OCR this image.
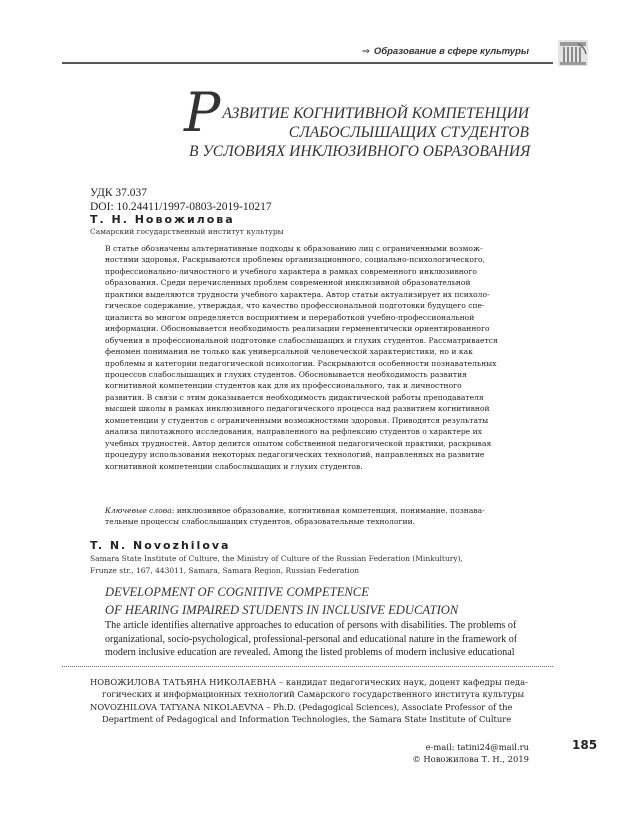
⇒ Образование в сфере культуры
Р АЗВИТИЕ КОГНИТИВНОЙ КОМПЕТЕНЦИИ
СЛАБОСЛЫШАЩИХ СТУДЕНТОВ
В УСЛОВИЯХ ИНКЛЮЗИВНОГО ОБРАЗОВАНИЯ
УДК 37.037
DOI: 10.24411/1997-0803-2019-10217
Т. Н. Новожилова
Самарский государственный институт культуры
В статье обозначены альтернативные подходы к образованию лиц с ограниченными возмож-
ностями здоровья. Раскрываются проблемы организационного, социально-психологического,
профессионально-личностного и учебного характера в рамках современного инклюзивного
образования. Среди перечисленных проблем современной инклюзивной образовательной
практики выделяются трудности учебного характера. Автор статьи актуализирует их психоло-
гическое содержание, утверждая, что качество профессиональной подготовки будущего спе-
циалиста во многом определяется восприятием и переработкой учебно-профессиональной
информации. Обосновывается необходимость реализации герменевтически ориентированного
обучения в профессиональной подготовке слабослышащих и глухих студентов. Рассматривается
феномен понимания не только как универсальной человеческой характеристики, но и как
проблемы и категории педагогической психологии. Раскрываются особенности познавательных
процессов слабослышащих и глухих студентов. Обосновывается необходимость развития
когнитивной компетенции студентов как для их профессионального, так и личностного
развития. В связи с этим доказывается необходимость дидактической работы преподавателя
высшей школы в рамках инклюзивного педагогического процесса над развитием когнитивной
компетенции у студентов с ограниченными возможностями здоровья. Приводятся результаты
анализа пилотажного исследования, направленного на рефлексию студентов о характере их
учебных трудностей. Автор делится опытом собственной педагогической практики, раскрывая
процедуру использования некоторых педагогических технологий, направленных на развитие
когнитивной компетенции слабослышащих и глухих студентов.
Ключевые слова: инклюзивное образование, когнитивная компетенция, понимание, познава-
тельные процессы слабослышащих студентов, образовательные технологии.
T. N. Novozhilova
Samara State Institute of Culture, the Ministry of Culture of the Russian Federation (Minkultury),
Frunze str., 167, 443011, Samara, Samara Region, Russian Federation
DEVELOPMENT OF COGNITIVE COMPETENCE
OF HEARING IMPAIRED STUDENTS IN INCLUSIVE EDUCATION
The article identifies alternative approaches to education of persons with disabilities. The problems of
organizational, socio-psychological, professional-personal and educational nature in the framework of
modern inclusive education are revealed. Among the listed problems of modern inclusive educational
НОВОЖИЛОВА ТАТЬЯНА НИКОЛАЕВНА – кандидат педагогических наук, доцент кафедры педа-
гогических и информационных технологий Самарского государственного института культуры
NOVOZHILOVA TATYANA NIKOLAEVNA – Ph.D. (Pedagogical Sciences), Associate Professor of the
Department of Pedagogical and Information Technologies, the Samara State Institute of Culture
e-mail: tatini24@mail.ru
© Новожилова Т. Н., 2019
185
